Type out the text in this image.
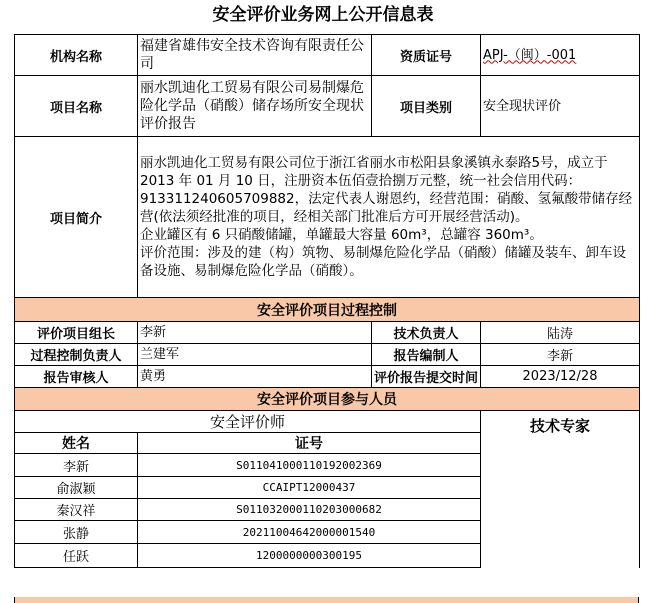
安全评价业务网上公开信息表
机构名称	福建省雄伟安全技术咨询有限责任公司	资质证号	APJ-（闽）-001
项目名称	丽水凯迪化工贸易有限公司易制爆危险化学品（硝酸）储存场所安全现状评价报告	项目类别	安全现状评价
项目简介	丽水凯迪化工贸易有限公司位于浙江省丽水市松阳县象溪镇永泰路5号，成立于 2013 年 01 月 10 日，注册资本伍佰壹拾捌万元整，统一社会信用代码：913311240605709882，法定代表人谢恩约，经营范围：硝酸、氢氟酸带储存经营(依法须经批准的项目，经相关部门批准后方可开展经营活动)。
企业罐区有 6 只硝酸储罐，单罐最大容量 60m³，总罐容 360m³。
评价范围：涉及的建（构）筑物、易制爆危险化学品（硝酸）储罐及装车、卸车设备设施、易制爆危险化学品（硝酸）。		

安全评价项目过程控制			
评价项目组长	李新	技术负责人	陆涛
过程控制负责人	兰建军	报告编制人	李新
报告审核人	黄勇	评价报告提交时间	2023/12/28
安全评价项目参与人员			
安全评价师			技术专家
姓名	证号		
李新	S011041000110192002369		
俞淑颖	CCAIPT12000437		
秦汉祥	S011032000110203000682		
张静	20211004642000001540		
任跃	1200000000300195		
